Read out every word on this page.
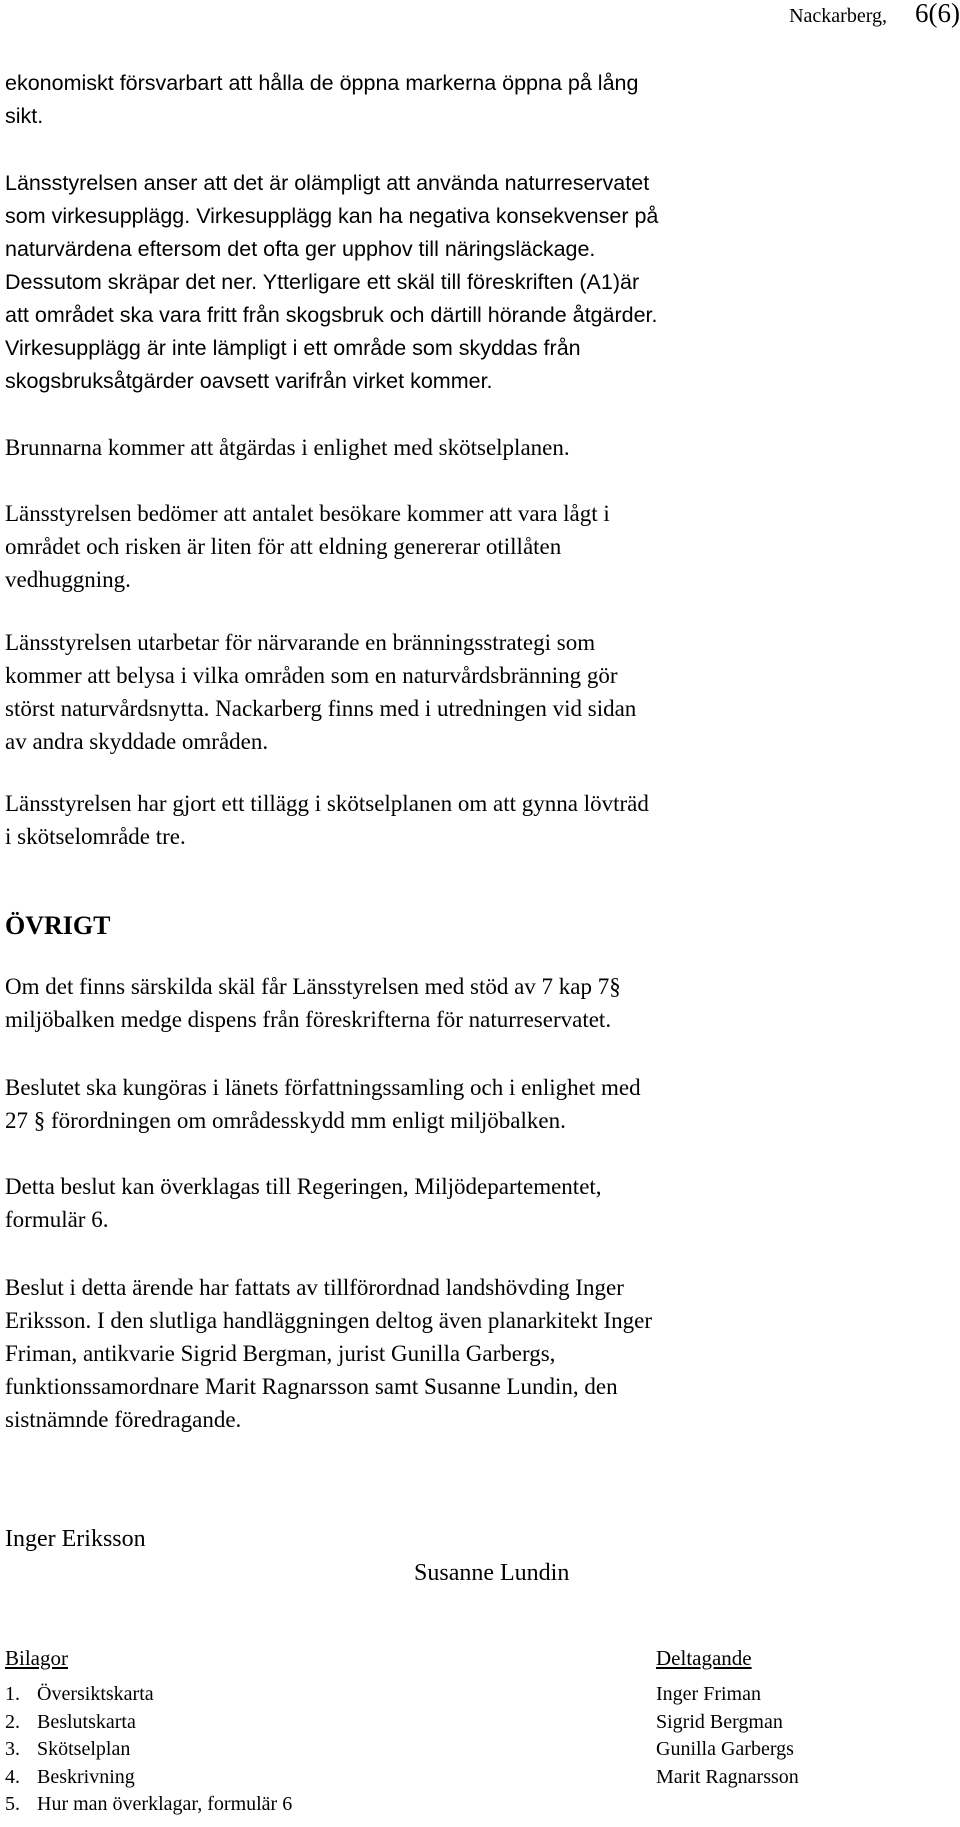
Nackarberg, 6(6)
ekonomiskt försvarbart att hålla de öppna markerna öppna på lång
sikt.
Länsstyrelsen anser att det är olämpligt att använda naturreservatet
som virkesupplägg. Virkesupplägg kan ha negativa konsekvenser på
naturvärdena eftersom det ofta ger upphov till näringsläckage.
Dessutom skräpar det ner. Ytterligare ett skäl till föreskriften (A1)är
att området ska vara fritt från skogsbruk och därtill hörande åtgärder.
Virkesupplägg är inte lämpligt i ett område som skyddas från
skogsbruksåtgärder oavsett varifrån virket kommer.
Brunnarna kommer att åtgärdas i enlighet med skötselplanen.
Länsstyrelsen bedömer att antalet besökare kommer att vara lågt i
området och risken är liten för att eldning genererar otillåten
vedhuggning.
Länsstyrelsen utarbetar för närvarande en bränningsstrategi som
kommer att belysa i vilka områden som en naturvårdsbränning gör
störst naturvårdsnytta. Nackarberg finns med i utredningen vid sidan
av andra skyddade områden.
Länsstyrelsen har gjort ett tillägg i skötselplanen om att gynna lövträd
i skötselområde tre.
ÖVRIGT
Om det finns särskilda skäl får Länsstyrelsen med stöd av 7 kap 7§
miljöbalken medge dispens från föreskrifterna för naturreservatet.
Beslutet ska kungöras i länets författningssamling och i enlighet med
27 § förordningen om områdesskydd mm enligt miljöbalken.
Detta beslut kan överklagas till Regeringen, Miljödepartementet,
formulär 6.
Beslut i detta ärende har fattats av tillförordnad landshövding Inger
Eriksson. I den slutliga handläggningen deltog även planarkitekt Inger
Friman, antikvarie Sigrid Bergman, jurist Gunilla Garbergs,
funktionssamordnare Marit Ragnarsson samt Susanne Lundin, den
sistnämnde föredragande.
Inger Eriksson
Susanne Lundin
Bilagor	Deltagande
1. Översiktskarta
2. Beslutskarta
3. Skötselplan
4. Beskrivning
5. Hur man överklagar, formulär 6
Inger Friman
Sigrid Bergman
Gunilla Garbergs
Marit Ragnarsson
